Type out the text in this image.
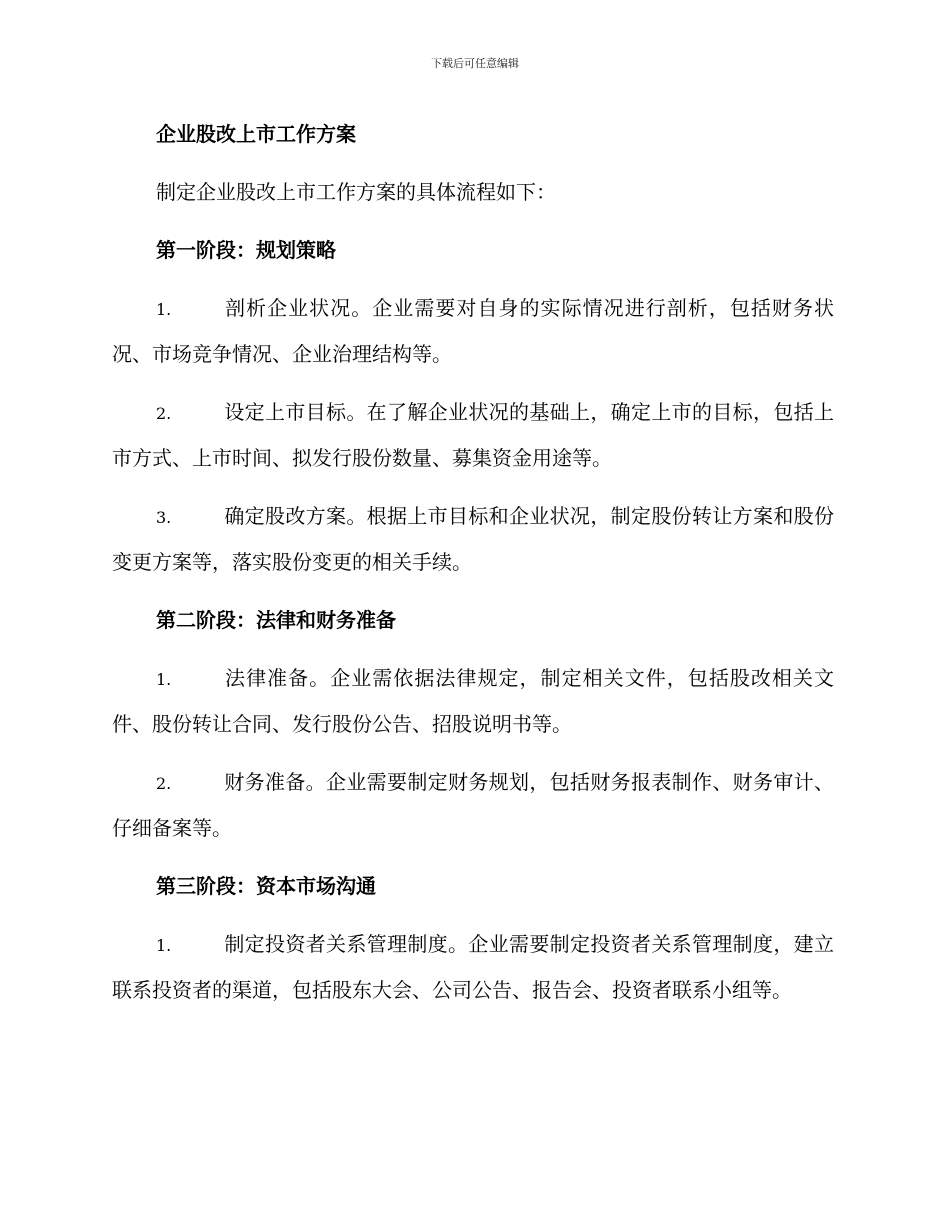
下载后可任意编辑

企业股改上市工作方案

制定企业股改上市工作方案的具体流程如下：

第一阶段：规划策略

1.	剖析企业状况。企业需要对自身的实际情况进行剖析，包括财务状况、市场竞争情况、企业治理结构等。

2.	设定上市目标。在了解企业状况的基础上，确定上市的目标，包括上市方式、上市时间、拟发行股份数量、募集资金用途等。

3.	确定股改方案。根据上市目标和企业状况，制定股份转让方案和股份变更方案等，落实股份变更的相关手续。

第二阶段：法律和财务准备

1.	法律准备。企业需依据法律规定，制定相关文件，包括股改相关文件、股份转让合同、发行股份公告、招股说明书等。

2.	财务准备。企业需要制定财务规划，包括财务报表制作、财务审计、仔细备案等。

第三阶段：资本市场沟通

1.	制定投资者关系管理制度。企业需要制定投资者关系管理制度，建立联系投资者的渠道，包括股东大会、公司公告、报告会、投资者联系小组等。
